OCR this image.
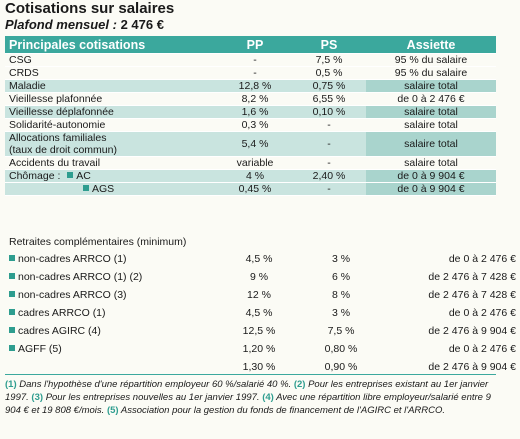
Cotisations sur salaires
Plafond mensuel : 2 476 €
Principales cotisations	PP	PS	Assiette
CSG	-	7,5 %	95 % du salaire
CRDS	-	0,5 %	95 % du salaire
Maladie	12,8 %	0,75 %	salaire total
Vieillesse plafonnée	8,2 %	6,55 %	de 0 à 2 476 €
Vieillesse déplafonnée	1,6 %	0,10 %	salaire total
Solidarité-autonomie	0,3 %	-	salaire total

Allocations familiales
(taux de droit commun)	5,4 %	-	salaire total
Accidents du travail	variable	-	salaire total
Chômage : AC	4 %	2,40 %	de 0 à 9 904 €
AGS	0,45 %	-	de 0 à 9 904 €
Retraites complémentaires (minimum)
non-cadres ARRCO (1)	4,5 %	3 %	de 0 à 2 476 €
non-cadres ARRCO (1) (2)	9 %	6 %	de 2 476 à 7 428 €
non-cadres ARRCO (3)	12 %	8 %	de 2 476 à 7 428 €
cadres ARRCO (1)	4,5 %	3 %	de 0 à 2 476 €
cadres AGIRC (4)	12,5 %	7,5 %	de 2 476 à 9 904 €
AGFF (5)	1,20 %	0,80 %	de 0 à 2 476 €
	1,30 %	0,90 %	de 2 476 à 9 904 €
(1) Dans l'hypothèse d'une répartition employeur 60 %/salarié 40 %. (2) Pour les entreprises existant au 1er janvier 1997. (3) Pour les entreprises nouvelles au 1er janvier 1997. (4) Avec une répartition libre employeur/salarié entre 9 904 € et 19 808 €/mois. (5) Association pour la gestion du fonds de financement de l'AGIRC et l'ARRCO.
